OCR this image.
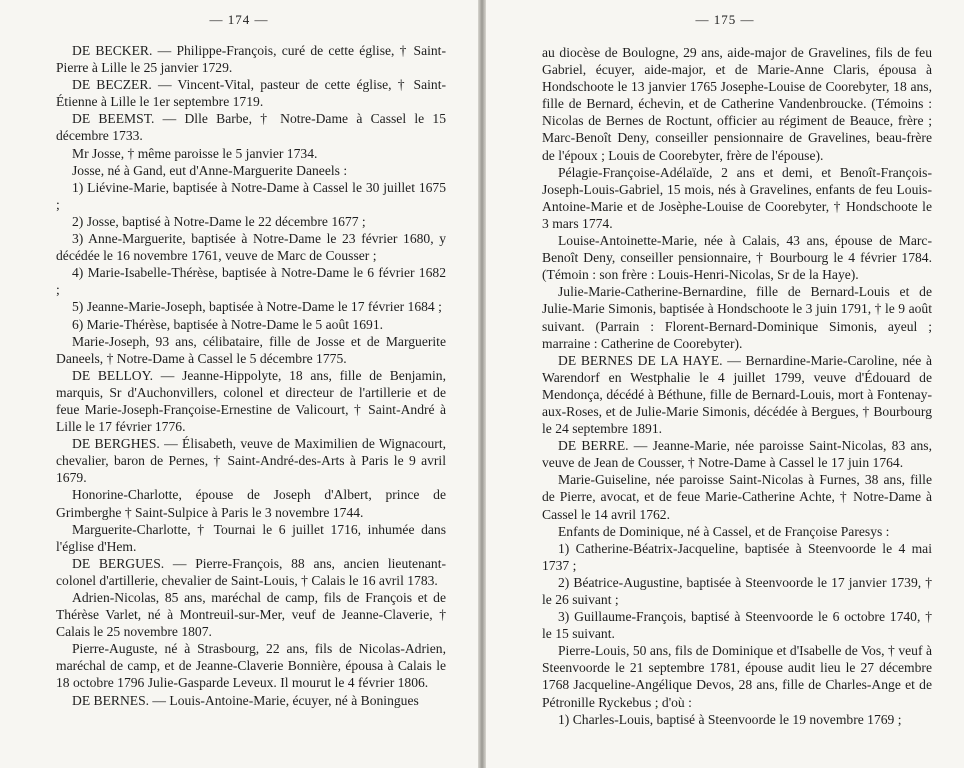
— 174 —

DE BECKER. — Philippe-François, curé de cette église, † Saint-Pierre à Lille le 25 janvier 1729.

DE BECZER. — Vincent-Vital, pasteur de cette église, † Saint-Étienne à Lille le 1er septembre 1719.

DE BEEMST. — Dlle Barbe, † Notre-Dame à Cassel le 15 décembre 1733.

Mr Josse, † même paroisse le 5 janvier 1734.

Josse, né à Gand, eut d'Anne-Marguerite Daneels :

1) Liévine-Marie, baptisée à Notre-Dame à Cassel le 30 juillet 1675 ;

2) Josse, baptisé à Notre-Dame le 22 décembre 1677 ;

3) Anne-Marguerite, baptisée à Notre-Dame le 23 février 1680, y décédée le 16 novembre 1761, veuve de Marc de Cousser ;

4) Marie-Isabelle-Thérèse, baptisée à Notre-Dame le 6 février 1682 ;

5) Jeanne-Marie-Joseph, baptisée à Notre-Dame le 17 février 1684 ;

6) Marie-Thérèse, baptisée à Notre-Dame le 5 août 1691.

Marie-Joseph, 93 ans, célibataire, fille de Josse et de Marguerite Daneels, † Notre-Dame à Cassel le 5 décembre 1775.

DE BELLOY. — Jeanne-Hippolyte, 18 ans, fille de Benjamin, marquis, Sr d'Auchonvillers, colonel et directeur de l'artillerie et de feue Marie-Joseph-Françoise-Ernestine de Valicourt, † Saint-André à Lille le 17 février 1776.

DE BERGHES. — Élisabeth, veuve de Maximilien de Wignacourt, chevalier, baron de Pernes, † Saint-André-des-Arts à Paris le 9 avril 1679.

Honorine-Charlotte, épouse de Joseph d'Albert, prince de Grimberghe † Saint-Sulpice à Paris le 3 novembre 1744.

Marguerite-Charlotte, † Tournai le 6 juillet 1716, inhumée dans l'église d'Hem.

DE BERGUES. — Pierre-François, 88 ans, ancien lieutenant-colonel d'artillerie, chevalier de Saint-Louis, † Calais le 16 avril 1783.

Adrien-Nicolas, 85 ans, maréchal de camp, fils de François et de Thérèse Varlet, né à Montreuil-sur-Mer, veuf de Jeanne-Claverie, † Calais le 25 novembre 1807.

Pierre-Auguste, né à Strasbourg, 22 ans, fils de Nicolas-Adrien, maréchal de camp, et de Jeanne-Claverie Bonnière, épousa à Calais le 18 octobre 1796 Julie-Gasparde Leveux. Il mourut le 4 février 1806.

DE BERNES. — Louis-Antoine-Marie, écuyer, né à Boningues

— 175 —

au diocèse de Boulogne, 29 ans, aide-major de Gravelines, fils de feu Gabriel, écuyer, aide-major, et de Marie-Anne Claris, épousa à Hondschoote le 13 janvier 1765 Josephe-Louise de Coorebyter, 18 ans, fille de Bernard, échevin, et de Catherine Vandenbroucke. (Témoins : Nicolas de Bernes de Roctunt, officier au régiment de Beauce, frère ; Marc-Benoît Deny, conseiller pensionnaire de Gravelines, beau-frère de l'époux ; Louis de Coorebyter, frère de l'épouse).

Pélagie-Françoise-Adélaïde, 2 ans et demi, et Benoît-François-Joseph-Louis-Gabriel, 15 mois, nés à Gravelines, enfants de feu Louis-Antoine-Marie et de Josèphe-Louise de Coorebyter, † Hondschoote le 3 mars 1774.

Louise-Antoinette-Marie, née à Calais, 43 ans, épouse de Marc-Benoît Deny, conseiller pensionnaire, † Bourbourg le 4 février 1784. (Témoin : son frère : Louis-Henri-Nicolas, Sr de la Haye).

Julie-Marie-Catherine-Bernardine, fille de Bernard-Louis et de Julie-Marie Simonis, baptisée à Hondschoote le 3 juin 1791, † le 9 août suivant. (Parrain : Florent-Bernard-Dominique Simonis, ayeul ; marraine : Catherine de Coorebyter).

DE BERNES DE LA HAYE. — Bernardine-Marie-Caroline, née à Warendorf en Westphalie le 4 juillet 1799, veuve d'Édouard de Mendonça, décédé à Béthune, fille de Bernard-Louis, mort à Fontenay-aux-Roses, et de Julie-Marie Simonis, décédée à Bergues, † Bourbourg le 24 septembre 1891.

DE BERRE. — Jeanne-Marie, née paroisse Saint-Nicolas, 83 ans, veuve de Jean de Cousser, † Notre-Dame à Cassel le 17 juin 1764.

Marie-Guiseline, née paroisse Saint-Nicolas à Furnes, 38 ans, fille de Pierre, avocat, et de feue Marie-Catherine Achte, † Notre-Dame à Cassel le 14 avril 1762.

Enfants de Dominique, né à Cassel, et de Françoise Paresys :

1) Catherine-Béatrix-Jacqueline, baptisée à Steenvoorde le 4 mai 1737 ;

2) Béatrice-Augustine, baptisée à Steenvoorde le 17 janvier 1739, † le 26 suivant ;

3) Guillaume-François, baptisé à Steenvoorde le 6 octobre 1740, † le 15 suivant.

Pierre-Louis, 50 ans, fils de Dominique et d'Isabelle de Vos, † veuf à Steenvoorde le 21 septembre 1781, épouse audit lieu le 27 décembre 1768 Jacqueline-Angélique Devos, 28 ans, fille de Charles-Ange et de Pétronille Ryckebus ; d'où :

1) Charles-Louis, baptisé à Steenvoorde le 19 novembre 1769 ;
